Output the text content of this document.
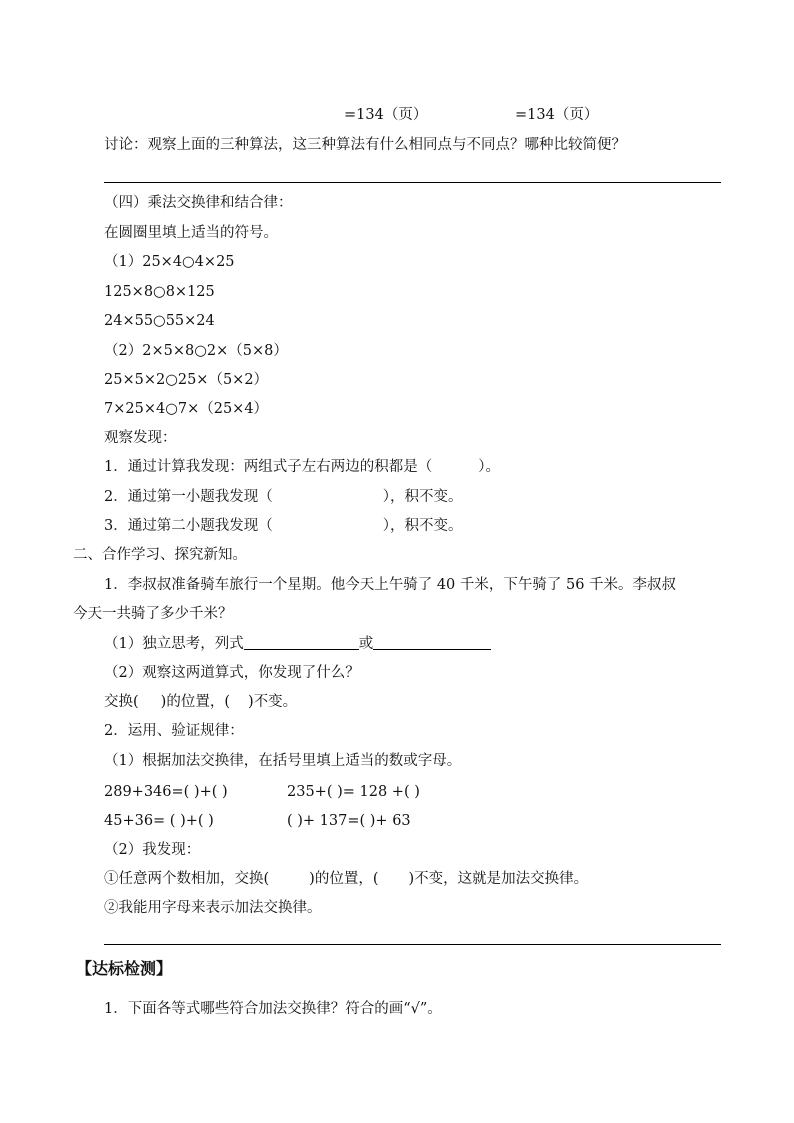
=134（页）	=134（页）
讨论：观察上面的三种算法，这三种算法有什么相同点与不同点？哪种比较简便？
（四）乘法交换律和结合律：
在圆圈里填上适当的符号。
（1）25×4○4×25
125×8○8×125
24×55○55×24
（2）2×5×8○2×（5×8）
25×5×2○25×（5×2）
7×25×4○7×（25×4）
观察发现：
1．通过计算我发现：两组式子左右两边的积都是（	）。
2．通过第一小题我发现（	），积不变。
3．通过第二小题我发现（	），积不变。
二、合作学习、探究新知。
1．李叔叔准备骑车旅行一个星期。他今天上午骑了 40 千米，下午骑了 56 千米。李叔叔
今天一共骑了多少千米？
（1）独立思考，列式	或
（2）观察这两道算式，你发现了什么？
交换( )的位置，( )不变。
2．运用、验证规律：
（1）根据加法交换律，在括号里填上适当的数或字母。
289+346=( )+( )	235+( )= 128 +( )
45+36= ( )+( )	( )+ 137=( )+ 63
（2）我发现：
①任意两个数相加，交换(	)的位置，( )不变，这就是加法交换律。
②我能用字母来表示加法交换律。
【达标检测】
1．下面各等式哪些符合加法交换律？符合的画“√”。
